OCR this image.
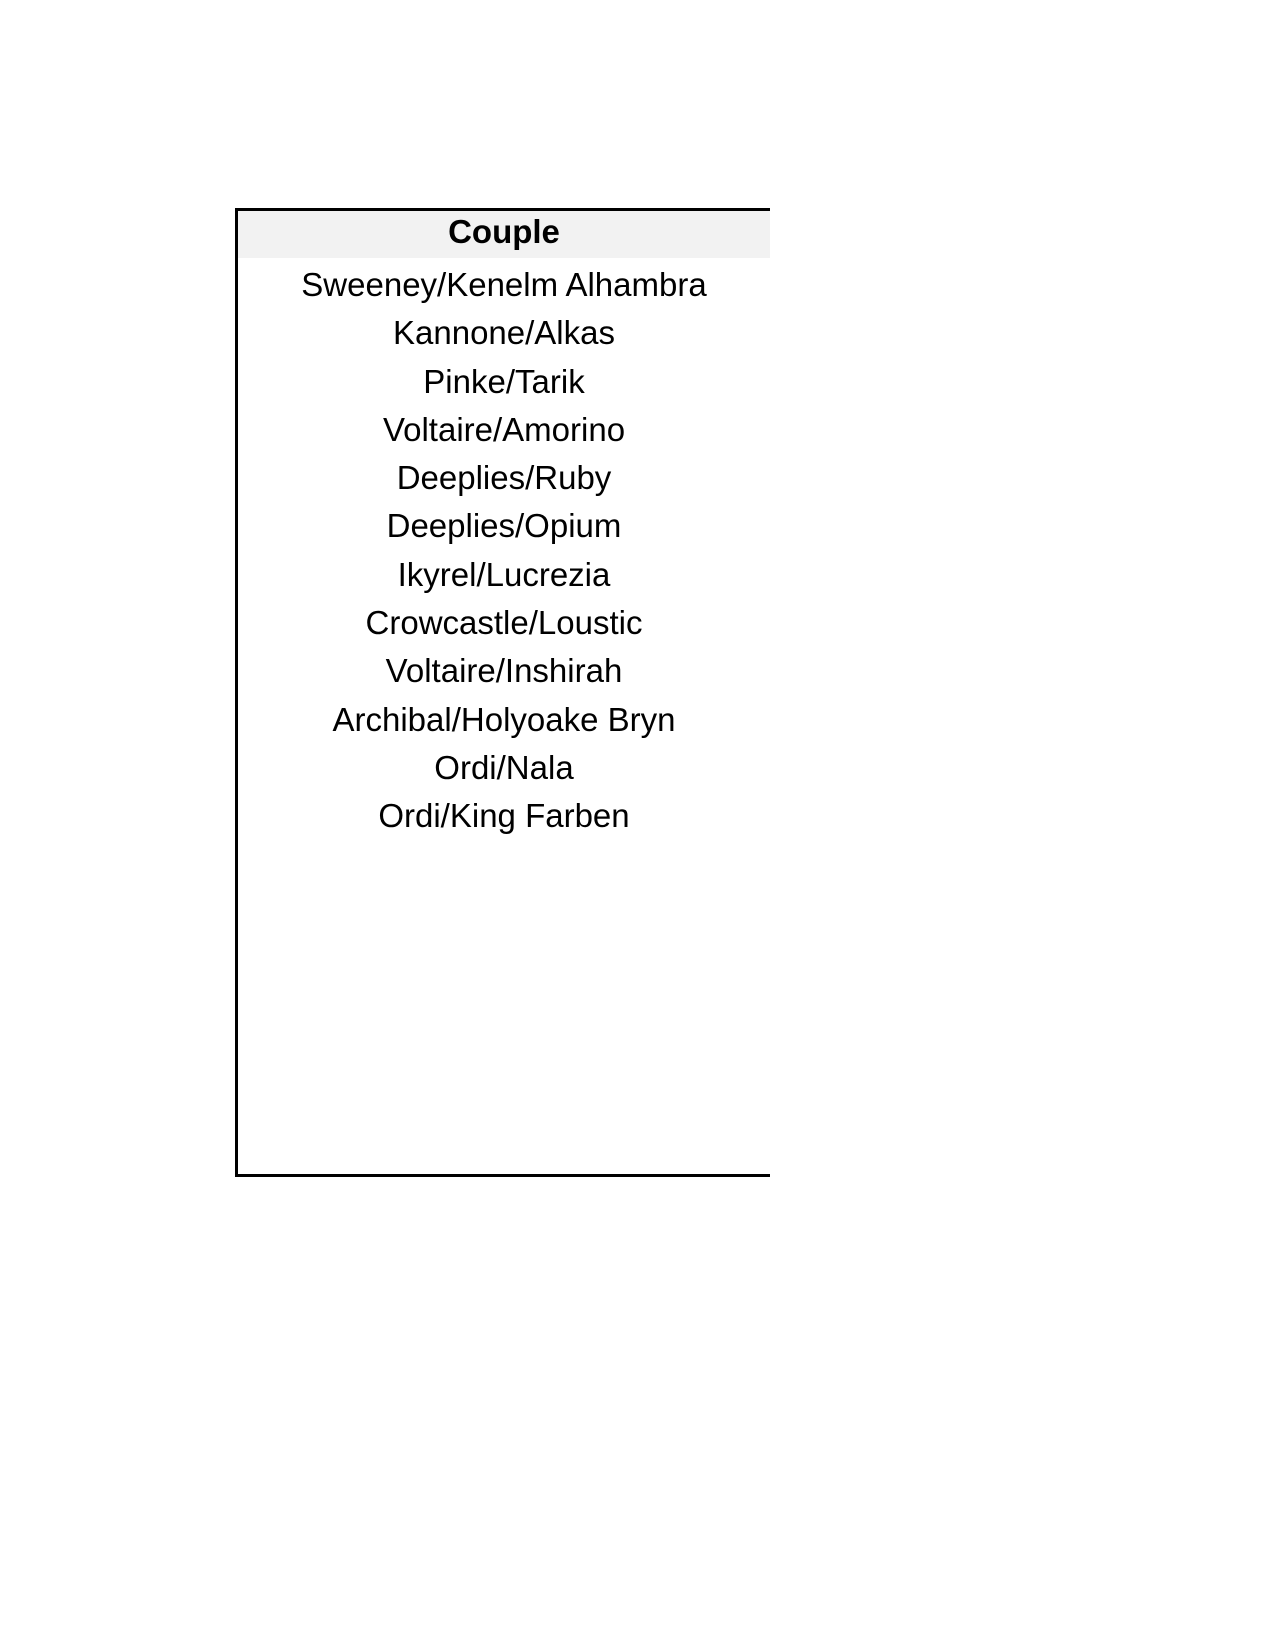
Couple
Sweeney/Kenelm Alhambra
Kannone/Alkas
Pinke/Tarik
Voltaire/Amorino
Deeplies/Ruby
Deeplies/Opium
Ikyrel/Lucrezia
Crowcastle/Loustic
Voltaire/Inshirah
Archibal/Holyoake Bryn
Ordi/Nala
Ordi/King Farben
